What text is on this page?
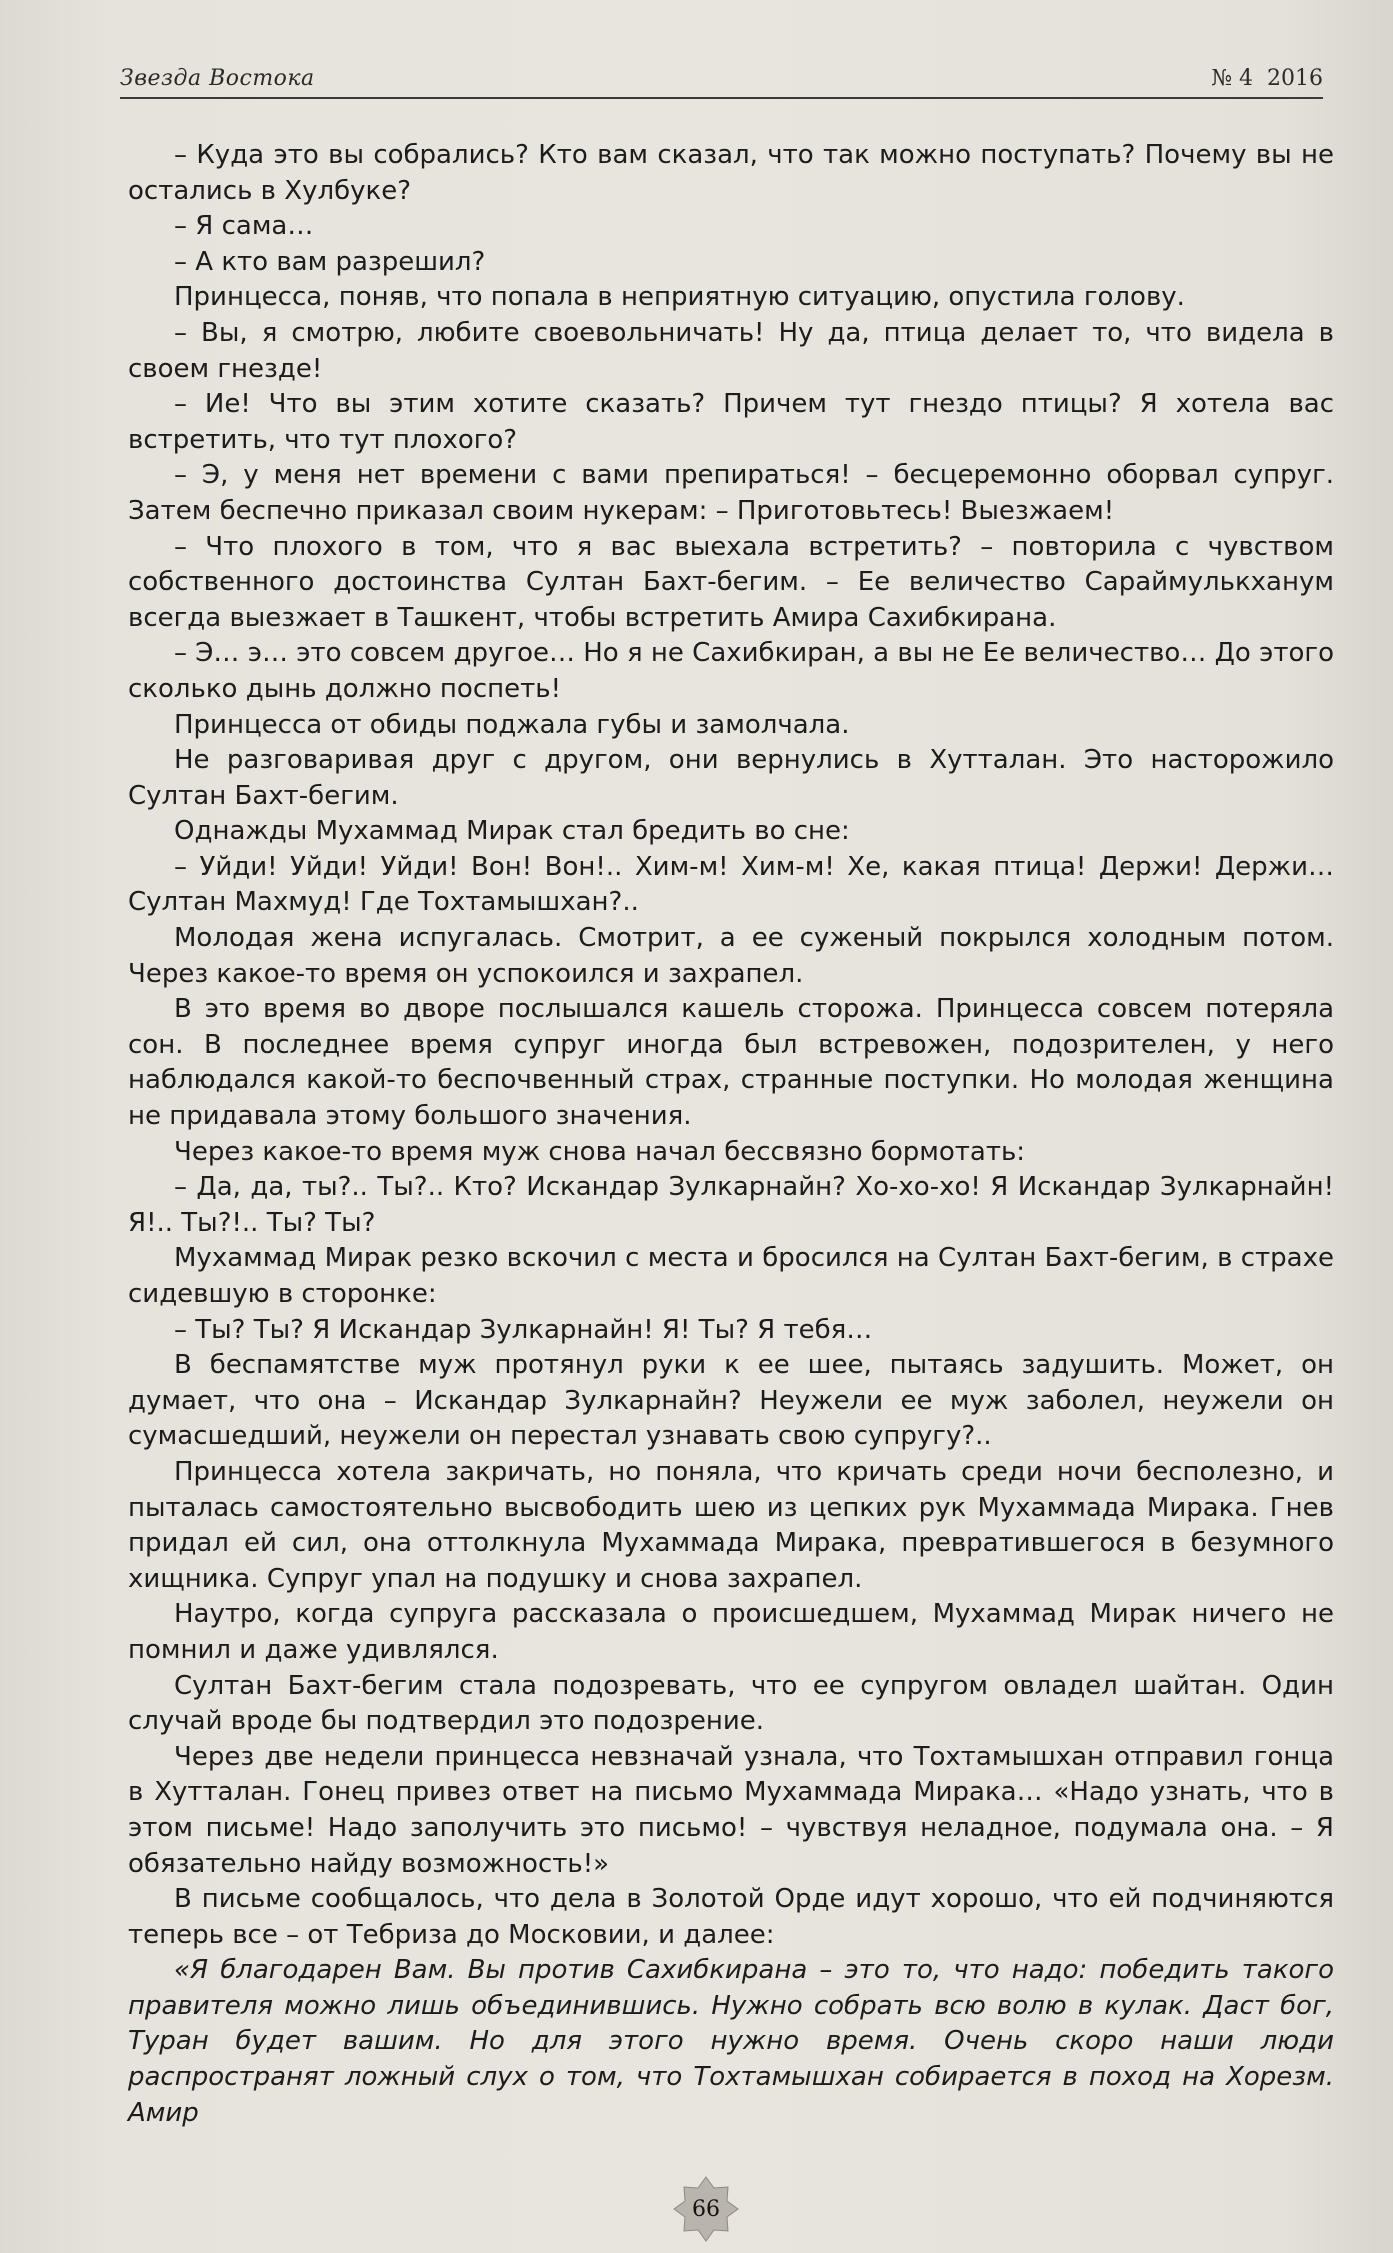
Звезда Востока	№ 4 2016

– Куда это вы собрались? Кто вам сказал, что так можно поступать? Почему вы не остались в Хулбуке?

– Я сама…

– А кто вам разрешил?

Принцесса, поняв, что попала в неприятную ситуацию, опустила голову.

– Вы, я смотрю, любите своевольничать! Ну да, птица делает то, что видела в своем гнезде!

– Ие! Что вы этим хотите сказать? Причем тут гнездо птицы? Я хотела вас встретить, что тут плохого?

– Э, у меня нет времени с вами препираться! – бесцеремонно оборвал супруг. Затем беспечно приказал своим нукерам: – Приготовьтесь! Выезжаем!

– Что плохого в том, что я вас выехала встретить? – повторила с чувством собственного достоинства Султан Бахт-бегим. – Ее величество Сараймулькханум всегда выезжает в Ташкент, чтобы встретить Амира Сахибкирана.

– Э… э… это совсем другое… Но я не Сахибкиран, а вы не Ее величество… До этого сколько дынь должно поспеть!

Принцесса от обиды поджала губы и замолчала.

Не разговаривая друг с другом, они вернулись в Хутталан. Это насторожило Султан Бахт-бегим.

Однажды Мухаммад Мирак стал бредить во сне:

– Уйди! Уйди! Уйди! Вон! Вон!.. Хим-м! Хим-м! Хе, какая птица! Держи! Держи… Султан Махмуд! Где Тохтамышхан?..

Молодая жена испугалась. Смотрит, а ее суженый покрылся холодным потом. Через какое-то время он успокоился и захрапел.

В это время во дворе послышался кашель сторожа. Принцесса совсем потеряла сон. В последнее время супруг иногда был встревожен, подозрителен, у него наблюдался какой-то беспочвенный страх, странные поступки. Но молодая женщина не придавала этому большого значения.

Через какое-то время муж снова начал бессвязно бормотать:

– Да, да, ты?.. Ты?.. Кто? Искандар Зулкарнайн? Хо-хо-хо! Я Искандар Зулкарнайн! Я!.. Ты?!.. Ты? Ты?

Мухаммад Мирак резко вскочил с места и бросился на Султан Бахт-бегим, в страхе сидевшую в сторонке:

– Ты? Ты? Я Искандар Зулкарнайн! Я! Ты? Я тебя…

В беспамятстве муж протянул руки к ее шее, пытаясь задушить. Может, он думает, что она – Искандар Зулкарнайн? Неужели ее муж заболел, неужели он сумасшедший, неужели он перестал узнавать свою супругу?..

Принцесса хотела закричать, но поняла, что кричать среди ночи бесполезно, и пыталась самостоятельно высвободить шею из цепких рук Мухаммада Мирака. Гнев придал ей сил, она оттолкнула Мухаммада Мирака, превратившегося в безумного хищника. Супруг упал на подушку и снова захрапел.

Наутро, когда супруга рассказала о происшедшем, Мухаммад Мирак ничего не помнил и даже удивлялся.

Султан Бахт-бегим стала подозревать, что ее супругом овладел шайтан. Один случай вроде бы подтвердил это подозрение.

Через две недели принцесса невзначай узнала, что Тохтамышхан отправил гонца в Хутталан. Гонец привез ответ на письмо Мухаммада Мирака… «Надо узнать, что в этом письме! Надо заполучить это письмо! – чувствуя неладное, подумала она. – Я обязательно найду возможность!»

В письме сообщалось, что дела в Золотой Орде идут хорошо, что ей подчиняются теперь все – от Тебриза до Московии, и далее:

«Я благодарен Вам. Вы против Сахибкирана – это то, что надо: победить такого правителя можно лишь объединившись. Нужно собрать всю волю в кулак. Даст бог, Туран будет вашим. Но для этого нужно время. Очень скоро наши люди распространят ложный слух о том, что Тохтамышхан собирается в поход на Хорезм. Амир

66
